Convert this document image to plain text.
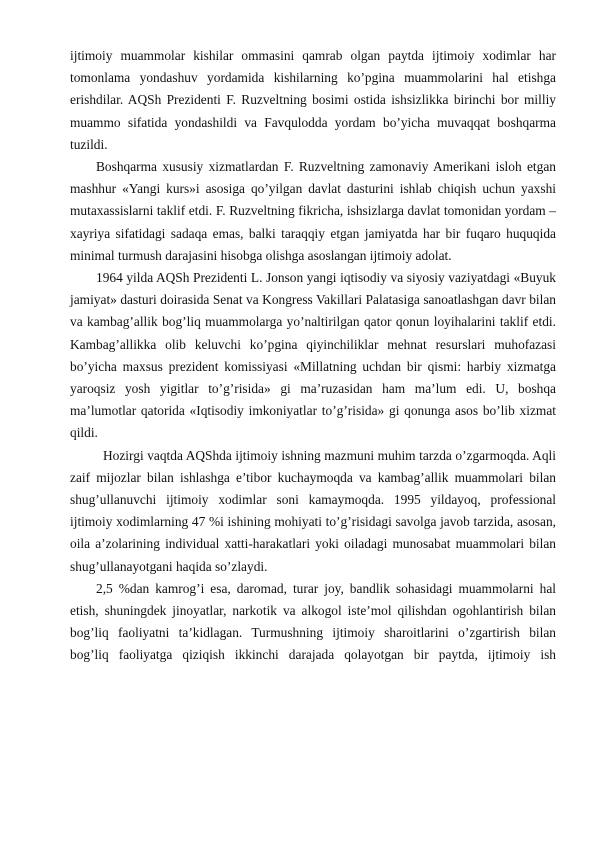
ijtimoiy muammolar kishilar ommasini qamrab olgan paytda ijtimoiy xodimlar har tomonlama yondashuv yordamida kishilarning ko’pgina muammolarini hal etishga erishdilar. AQSh Prezidenti F. Ruzveltning bosimi ostida ishsizlikka birinchi bor milliy muammo sifatida yondashildi va Favqulodda yordam bo’yicha muvaqqat boshqarma tuzildi.

Boshqarma xususiy xizmatlardan F. Ruzveltning zamonaviy Amerikani isloh etgan mashhur «Yangi kurs»i asosiga qo’yilgan davlat dasturini ishlab chiqish uchun yaxshi mutaxassislarni taklif etdi. F. Ruzveltning fikricha, ishsizlarga davlat tomonidan yordam – xayriya sifatidagi sadaqa emas, balki taraqqiy etgan jamiyatda har bir fuqaro huquqida minimal turmush darajasini hisobga olishga asoslangan ijtimoiy adolat.

1964 yilda AQSh Prezidenti L. Jonson yangi iqtisodiy va siyosiy vaziyatdagi «Buyuk jamiyat» dasturi doirasida Senat va Kongress Vakillari Palatasiga sanoatlashgan davr bilan va kambag’allik bog’liq muammolarga yo’naltirilgan qator qonun loyihalarini taklif etdi. Kambag’allikka olib keluvchi ko’pgina qiyinchiliklar mehnat resurslari muhofazasi bo’yicha maxsus prezident komissiyasi «Millatning uchdan bir qismi: harbiy xizmatga yaroqsiz yosh yigitlar to’g’risida» gi ma’ruzasidan ham ma’lum edi. U, boshqa ma’lumotlar qatorida «Iqtisodiy imkoniyatlar to’g’risida» gi qonunga asos bo’lib xizmat qildi.

Hozirgi vaqtda AQShda ijtimoiy ishning mazmuni muhim tarzda o’zgarmoqda. Aqli zaif mijozlar bilan ishlashga e’tibor kuchaymoqda va kambag’allik muammolari bilan shug’ullanuvchi ijtimoiy xodimlar soni kamaymoqda. 1995 yildayoq, professional ijtimoiy xodimlarning 47 %i ishining mohiyati to’g’risidagi savolga javob tarzida, asosan, oila a’zolarining individual xatti-harakatlari yoki oiladagi munosabat muammolari bilan shug’ullanayotgani haqida so’zlaydi.

2,5 %dan kamrog’i esa, daromad, turar joy, bandlik sohasidagi muammolarni hal etish, shuningdek jinoyatlar, narkotik va alkogol iste’mol qilishdan ogohlantirish bilan bog’liq faoliyatni ta’kidlagan. Turmushning ijtimoiy sharoitlarini o’zgartirish bilan bog’liq faoliyatga qiziqish ikkinchi darajada qolayotgan bir paytda, ijtimoiy ish
